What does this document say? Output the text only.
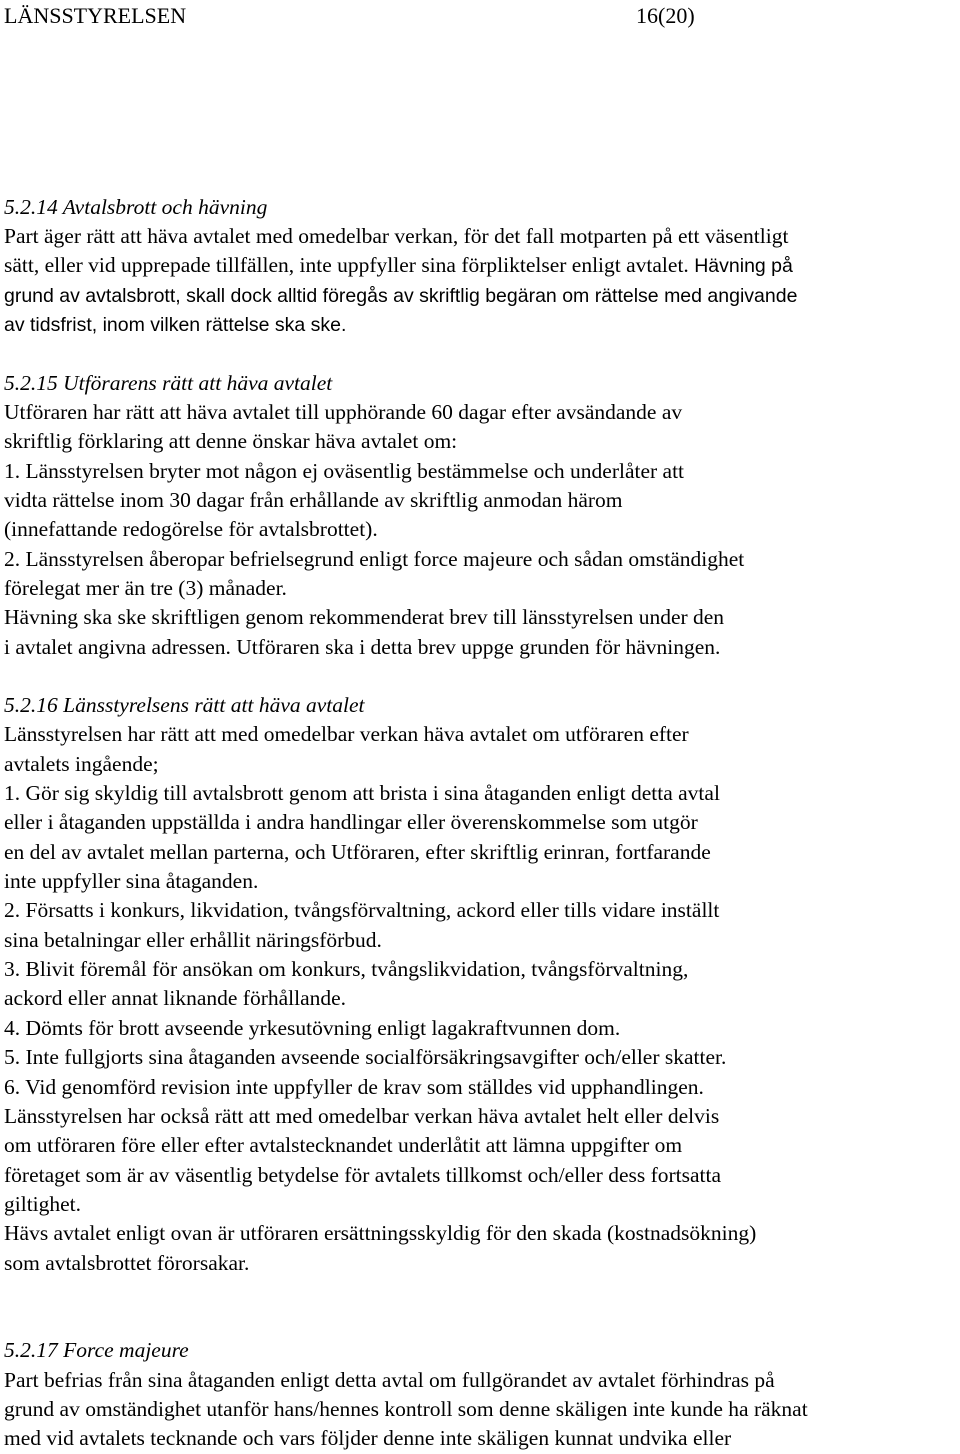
LÄNSSTYRELSEN	16(20)
5.2.14 Avtalsbrott och hävning
Part äger rätt att häva avtalet med omedelbar verkan, för det fall motparten på ett väsentligt
sätt, eller vid upprepade tillfällen, inte uppfyller sina förpliktelser enligt avtalet. Hävning på
grund av avtalsbrott, skall dock alltid föregås av skriftlig begäran om rättelse med angivande
av tidsfrist, inom vilken rättelse ska ske.
5.2.15 Utförarens rätt att häva avtalet
Utföraren har rätt att häva avtalet till upphörande 60 dagar efter avsändande av
skriftlig förklaring att denne önskar häva avtalet om:
1. Länsstyrelsen bryter mot någon ej oväsentlig bestämmelse och underlåter att
vidta rättelse inom 30 dagar från erhållande av skriftlig anmodan härom
(innefattande redogörelse för avtalsbrottet).
2. Länsstyrelsen åberopar befrielsegrund enligt force majeure och sådan omständighet
förelegat mer än tre (3) månader.
Hävning ska ske skriftligen genom rekommenderat brev till länsstyrelsen under den
i avtalet angivna adressen. Utföraren ska i detta brev uppge grunden för hävningen.
5.2.16 Länsstyrelsens rätt att häva avtalet
Länsstyrelsen har rätt att med omedelbar verkan häva avtalet om utföraren efter
avtalets ingående;
1. Gör sig skyldig till avtalsbrott genom att brista i sina åtaganden enligt detta avtal
eller i åtaganden uppställda i andra handlingar eller överenskommelse som utgör
en del av avtalet mellan parterna, och Utföraren, efter skriftlig erinran, fortfarande
inte uppfyller sina åtaganden.
2. Försatts i konkurs, likvidation, tvångsförvaltning, ackord eller tills vidare inställt
sina betalningar eller erhållit näringsförbud.
3. Blivit föremål för ansökan om konkurs, tvångslikvidation, tvångsförvaltning,
ackord eller annat liknande förhållande.
4. Dömts för brott avseende yrkesutövning enligt lagakraftvunnen dom.
5. Inte fullgjorts sina åtaganden avseende socialförsäkringsavgifter och/eller skatter.
6. Vid genomförd revision inte uppfyller de krav som ställdes vid upphandlingen.
Länsstyrelsen har också rätt att med omedelbar verkan häva avtalet helt eller delvis
om utföraren före eller efter avtalstecknandet underlåtit att lämna uppgifter om
företaget som är av väsentlig betydelse för avtalets tillkomst och/eller dess fortsatta
giltighet.
Hävs avtalet enligt ovan är utföraren ersättningsskyldig för den skada (kostnadsökning)
som avtalsbrottet förorsakar.
5.2.17 Force majeure
Part befrias från sina åtaganden enligt detta avtal om fullgörandet av avtalet förhindras på
grund av omständighet utanför hans/hennes kontroll som denne skäligen inte kunde ha räknat
med vid avtalets tecknande och vars följder denne inte skäligen kunnat undvika eller
